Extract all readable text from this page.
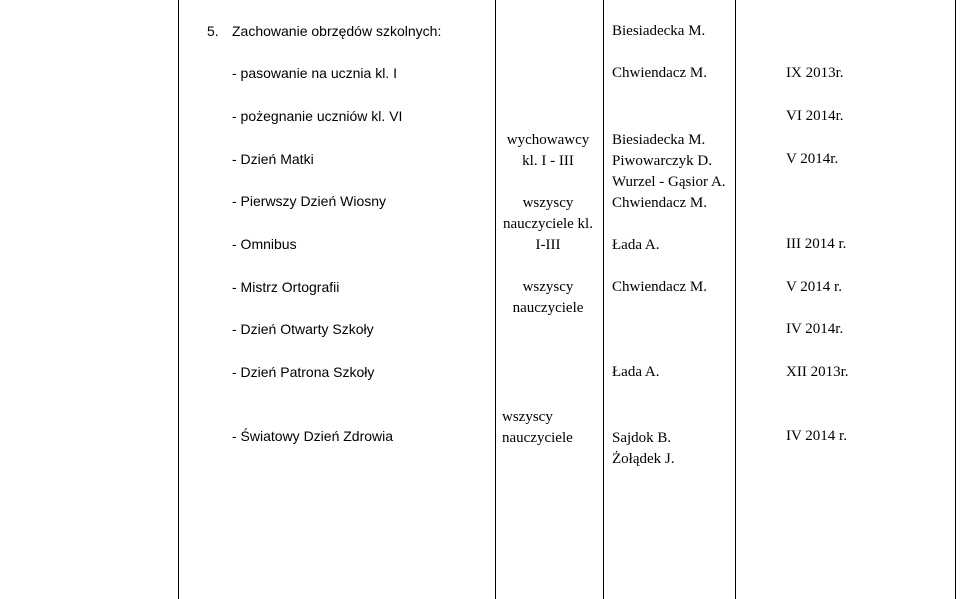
5. Zachowanie obrzędów szkolnych:	Biesiadecka M.
- pasowanie na ucznia kl. I
- pożegnanie uczniów kl. VI
- Dzień Matki
- Pierwszy Dzień Wiosny
- Omnibus
- Mistrz Ortografii
- Dzień Otwarty Szkoły
- Dzień Patrona Szkoły
- Światowy Dzień Zdrowia
wychowawcy
kl. I - III
wszyscy
nauczyciele kl.
I-III
wszyscy
nauczyciele
wszyscy
nauczyciele
Chwiendacz M.
Biesiadecka M.
Piwowarczyk D.
Wurzel - Gąsior A.
Chwiendacz M.
Łada A.
Chwiendacz M.
Łada A.
Sajdok B.
Żołądek J.
IX 2013r.
VI 2014r.
V 2014r.
III 2014 r.
V 2014 r.
IV 2014r.
XII 2013r.
IV 2014 r.
